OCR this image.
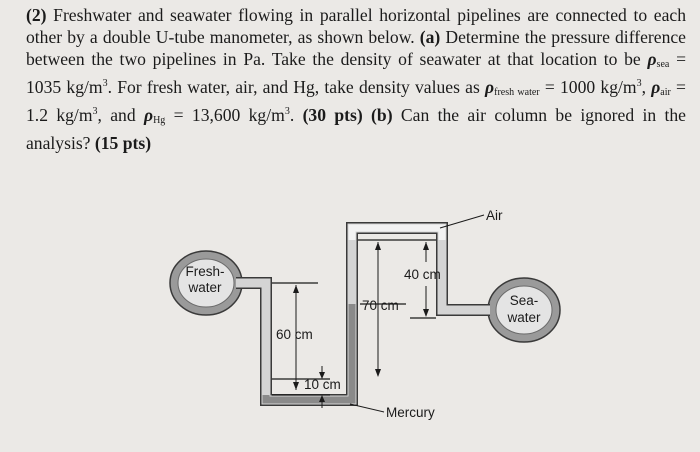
(2) Freshwater and seawater flowing in parallel horizontal pipelines are connected to each other by a double U-tube manometer, as shown below. (a) Determine the pressure difference between the two pipelines in Pa. Take the density of seawater at that location to be $\rho_{sea} = 1035$ $kg/m^3$. For fresh water, air, and Hg, take density values as $\rho_{fresh water} = 1000$ $kg/m^3$, $\rho_{air} = 1.2$ $kg/m^3$, and $\rho_{Hg} = 13,600$ $kg/m^3$. (30 pts) (b) Can the air column be ignored in the analysis? (15 pts)
Fresh-
water
Sea-
water
Air
Mercury
60 cm
10 cm
70 cm
40 cm
